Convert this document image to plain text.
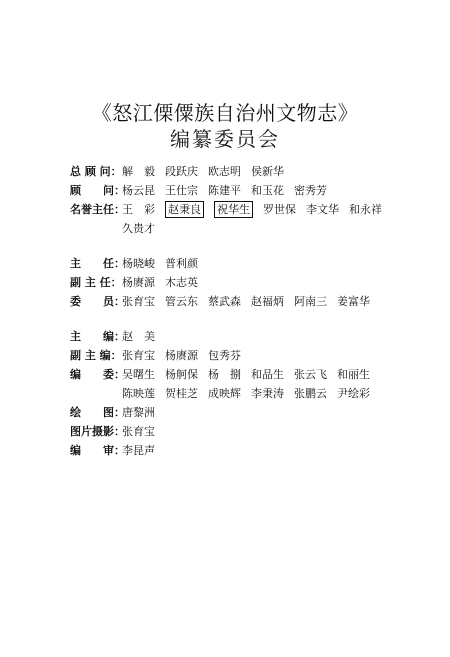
《怒江傈僳族自治州文物志》
编纂委员会
总 顾 问： 解　毅 段跃庆 欧志明 侯新华
顾　　问：
杨云昆 王仕宗 陈建平 和玉花 密秀芳
名誉主任：
王　彩 赵秉良 祝华生 罗世保 李文华 和永祥
久贵才
主　　任：
杨晓峻 普利颜
副 主 任： 杨赓源 木志英
委　　员：
张育宝 管云东 蔡武森 赵福炳 阿南三 姜富华
主　　编：
赵　美
副 主 编： 张育宝 杨赓源 包秀芬
编　　委：
吴曙生 杨舸保 杨　捌 和品生 张云飞 和丽生
陈映莲 贺桂芝 成映辉 李秉涛 张鹏云 尹绘彩
绘　　图：
唐黎洲
图片摄影：
张育宝
编　　审：
李昆声
